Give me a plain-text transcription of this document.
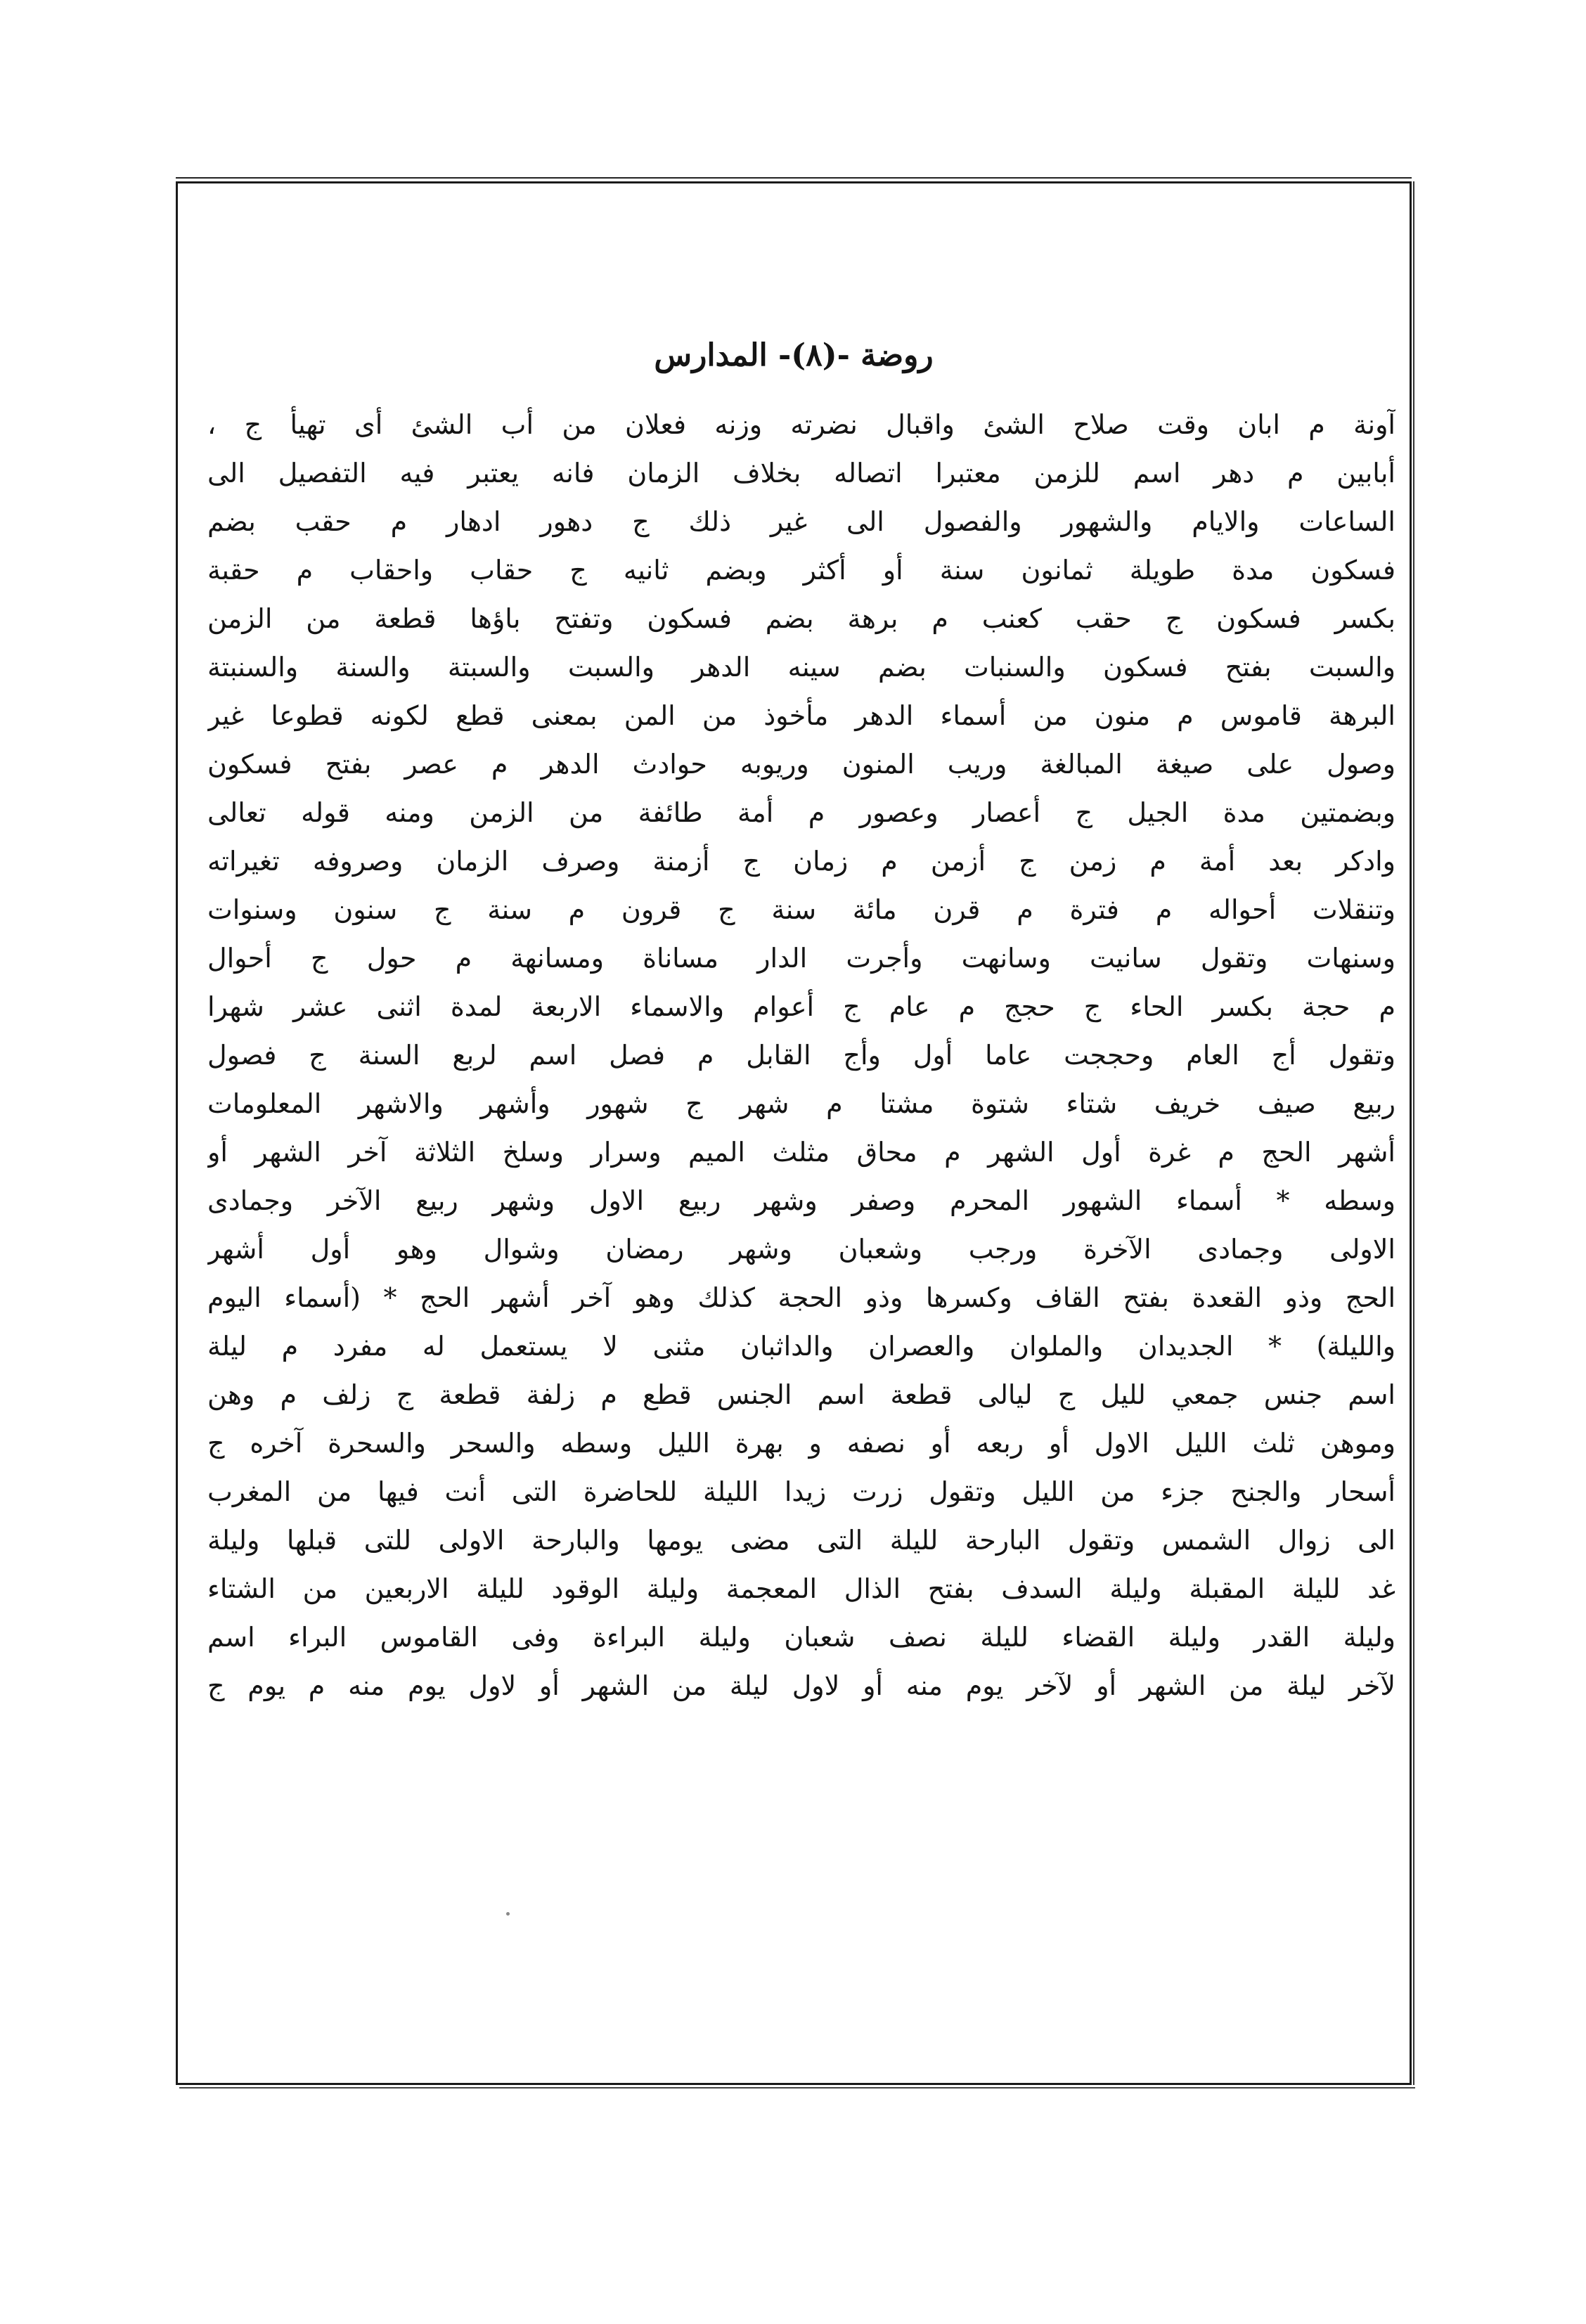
روضة -(٨)- المدارس
آونة م ابان وقت صلاح الشئ واقبال نضرته وزنه فعلان من أب الشئ أى تهيأ ج ،
أبابين م دهر اسم للزمن معتبرا اتصاله بخلاف الزمان فانه يعتبر فيه التفصيل الى
الساعات والايام والشهور والفصول الى غير ذلك ج دهور ادهار م حقب بضم
فسكون مدة طويلة ثمانون سنة أو أكثر وبضم ثانيه ج حقاب واحقاب م حقبة
بكسر فسكون ج حقب كعنب م برهة بضم فسكون وتفتح باؤها قطعة من الزمن
والسبت بفتح فسكون والسنبات بضم سينه الدهر والسبت والسبتة والسنة والسنبتة
البرهة قاموس م منون من أسماء الدهر مأخوذ من المن بمعنى قطع لكونه قطوعا غير
وصول على صيغة المبالغة وريب المنون وريوبه حوادث الدهر م عصر بفتح فسكون
وبضمتين مدة الجيل ج أعصار وعصور م أمة طائفة من الزمن ومنه قوله تعالى
وادكر بعد أمة م زمن ج أزمن م زمان ج أزمنة وصرف الزمان وصروفه تغيراته
وتنقلات أحواله م فترة م قرن مائة سنة ج قرون م سنة ج سنون وسنوات
وسنهات وتقول سانيت وسانهت وأجرت الدار مساناة ومسانهة م حول ج أحوال
م حجة بكسر الحاء ج حجج م عام ج أعوام والاسماء الاربعة لمدة اثنى عشر شهرا
وتقول أج العام وحججت عاما أول وأج القابل م فصل اسم لربع السنة ج فصول
ربيع صيف خريف شتاء شتوة مشتا م شهر ج شهور وأشهر والاشهر المعلومات
أشهر الحج م غرة أول الشهر م محاق مثلث الميم وسرار وسلخ الثلاثة آخر الشهر أو
وسطه * أسماء الشهور المحرم وصفر وشهر ربيع الاول وشهر ربيع الآخر وجمادى
الاولى وجمادى الآخرة ورجب وشعبان وشهر رمضان وشوال وهو أول أشهر
الحج وذو القعدة بفتح القاف وكسرها وذو الحجة كذلك وهو آخر أشهر الحج * (أسماء اليوم
والليلة) * الجديدان والملوان والعصران والداثبان مثنى لا يستعمل له مفرد م ليلة
اسم جنس جمعي لليل ج ليالى قطعة اسم الجنس قطع م زلفة قطعة ج زلف م وهن
وموهن ثلث الليل الاول أو ربعه أو نصفه و بهرة الليل وسطه والسحر والسحرة آخره ج
أسحار والجنح جزء من الليل وتقول زرت زيدا الليلة للحاضرة التى أنت فيها من المغرب
الى زوال الشمس وتقول البارحة لليلة التى مضى يومها والبارحة الاولى للتى قبلها وليلة
غد لليلة المقبلة وليلة السدف بفتح الذال المعجمة وليلة الوقود لليلة الاربعين من الشتاء
وليلة القدر وليلة القضاء لليلة نصف شعبان وليلة البراءة وفى القاموس البراء اسم
لآخر ليلة من الشهر أو لآخر يوم منه أو لاول ليلة من الشهر أو لاول يوم منه م يوم ج
